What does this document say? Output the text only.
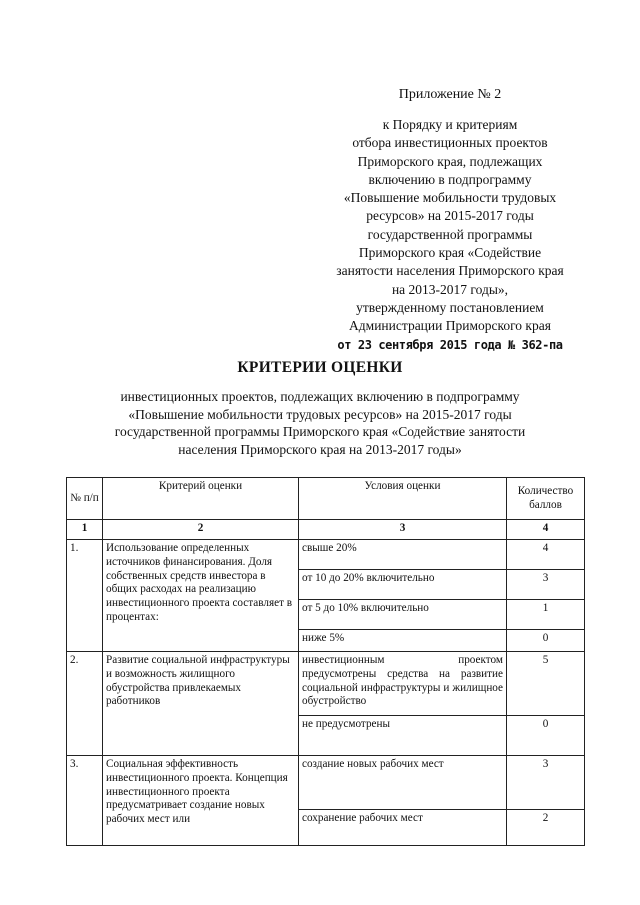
Приложение № 2
к Порядку и критериям
отбора инвестиционных проектов
Приморского края, подлежащих
включению в подпрограмму
«Повышение мобильности трудовых
ресурсов» на 2015-2017 годы
государственной программы
Приморского края «Содействие
занятости населения Приморского края
на 2013-2017 годы»,
утвержденному постановлением
Администрации Приморского края
от 23 сентября 2015 года № 362-па
КРИТЕРИИ ОЦЕНКИ
инвестиционных проектов, подлежащих включению в подпрограмму
«Повышение мобильности трудовых ресурсов» на 2015-2017 годы
государственной программы Приморского края «Содействие занятости
населения Приморского края на 2013-2017 годы»
№ п/п	Критерий оценки	Условия оценки	Количество баллов
1	2	3	4
1.	Использование определенных источников финансирования. Доля собственных средств инвестора в общих расходах на реализацию инвестиционного проекта составляет в процентах:	свыше 20%	4
		от 10 до 20% включительно	3
		от 5 до 10% включительно	1
		ниже 5%	0
2.	Развитие социальной инфраструктуры и возможность жилищного обустройства привлекаемых работников	инвестиционным проектом предусмотрены средства на развитие социальной инфраструктуры и жилищное обустройство	5
		не предусмотрены	0
3.	Социальная эффективность инвестиционного проекта. Концепция инвестиционного проекта предусматривает создание новых рабочих мест или	создание новых рабочих мест	3
		сохранение рабочих мест	2
